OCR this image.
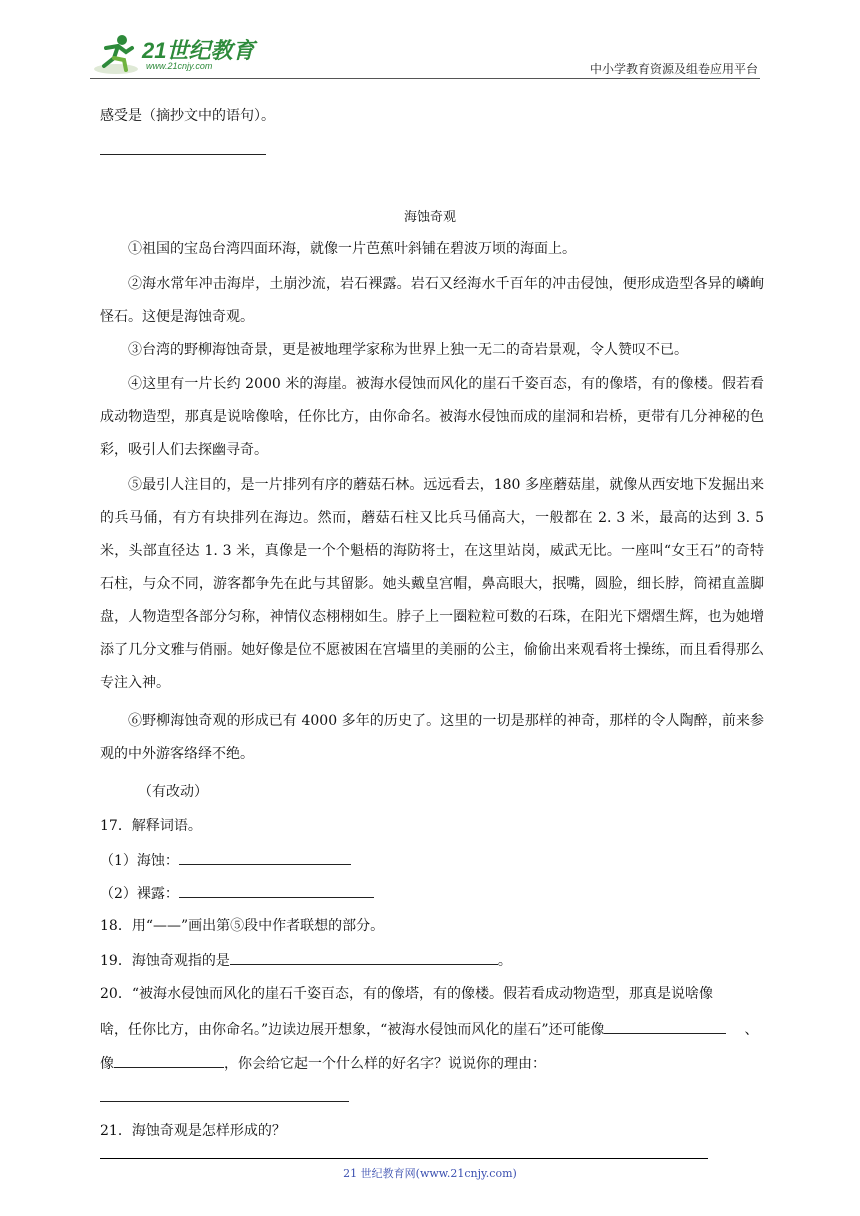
21世纪教育
www.21cnjy.com	中小学教育资源及组卷应用平台
感受是（摘抄文中的语句）。
海蚀奇观
①祖国的宝岛台湾四面环海，就像一片芭蕉叶斜铺在碧波万顷的海面上。
②海水常年冲击海岸，土崩沙流，岩石裸露。岩石又经海水千百年的冲击侵蚀，便形成造型各异的嶙峋怪石。这便是海蚀奇观。
③台湾的野柳海蚀奇景，更是被地理学家称为世界上独一无二的奇岩景观，令人赞叹不已。
④这里有一片长约 2000 米的海崖。被海水侵蚀而风化的崖石千姿百态，有的像塔，有的像楼。假若看成动物造型，那真是说啥像啥，任你比方，由你命名。被海水侵蚀而成的崖洞和岩桥，更带有几分神秘的色彩，吸引人们去探幽寻奇。
⑤最引人注目的，是一片排列有序的蘑菇石林。远远看去，180 多座蘑菇崖，就像从西安地下发掘出来的兵马俑，有方有块排列在海边。然而，蘑菇石柱又比兵马俑高大，一般都在 2. 3 米，最高的达到 3. 5 米，头部直径达 1. 3 米，真像是一个个魁梧的海防将士，在这里站岗，威武无比。一座叫“女王石”的奇特石柱，与众不同，游客都争先在此与其留影。她头戴皇宫帽，鼻高眼大，抿嘴，圆脸，细长脖，筒裙直盖脚盘，人物造型各部分匀称，神情仪态栩栩如生。脖子上一圈粒粒可数的石珠，在阳光下熠熠生辉，也为她增添了几分文雅与俏丽。她好像是位不愿被困在宫墙里的美丽的公主，偷偷出来观看将士操练，而且看得那么专注入神。
⑥野柳海蚀奇观的形成已有 4000 多年的历史了。这里的一切是那样的神奇，那样的令人陶醉，前来参观的中外游客络绎不绝。
（有改动）
17．解释词语。
（1）海蚀：
（2）裸露：
18．用“——”画出第⑤段中作者联想的部分。
19．海蚀奇观指的是	。
20．“被海水侵蚀而风化的崖石千姿百态，有的像塔，有的像楼。假若看成动物造型，那真是说啥像
啥，任你比方，由你命名。”边读边展开想象，“被海水侵蚀而风化的崖石”还可能像	、
像	，你会给它起一个什么样的好名字？说说你的理由：
21．海蚀奇观是怎样形成的？
21 世纪教育网(www.21cnjy.com)
